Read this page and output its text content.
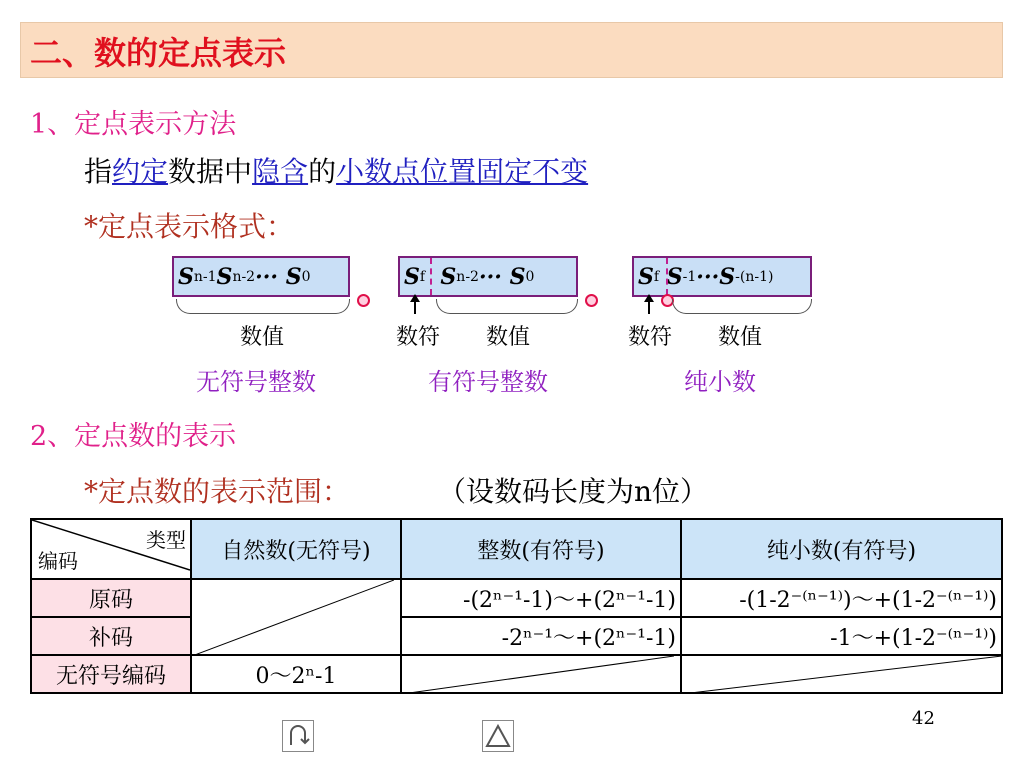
二、数的定点表示
1、定点表示方法
指约定数据中隐含的小数点位置固定不变
*定点表示格式：
S n-1 S n-2 ··· S 0
数值
无符号整数
S f
S n-2 ··· S 0
数符 数值
有符号整数
S f
S -1 ···S -(n-1)
数符 数值
纯小数
2、定点数的表示
*定点数的表示范围：	（设数码长度为n位）
类型
编码	自然数(无符号)	整数(有符号)	纯小数(有符号)
原码		-(2ⁿ⁻¹-1)～+(2ⁿ⁻¹-1)	-(1-2⁻⁽ⁿ⁻¹⁾)～+(1-2⁻⁽ⁿ⁻¹⁾)
补码		-2ⁿ⁻¹～+(2ⁿ⁻¹-1)	-1～+(1-2⁻⁽ⁿ⁻¹⁾)
无符号编码	0～2ⁿ-1	

42
